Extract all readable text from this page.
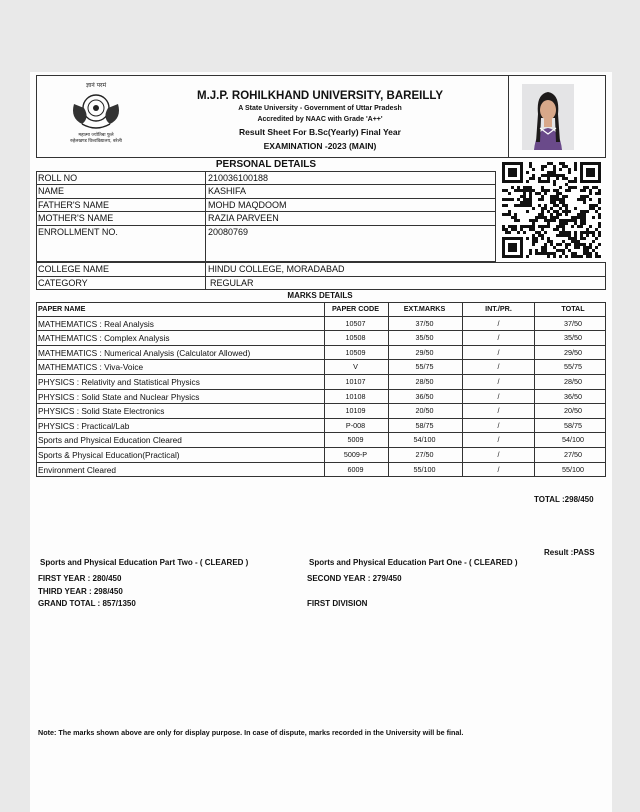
ज्ञानं परमं
महात्मा ज्योतिबा फुले
रुहेलखण्ड विश्वविद्यालय, बरेली
M.J.P. ROHILKHAND UNIVERSITY, BAREILLY
A State University - Government of Uttar Pradesh
Accredited by NAAC with Grade 'A++'
Result Sheet For B.Sc(Yearly) Final Year
EXAMINATION -2023 (MAIN)
PERSONAL DETAILS
ROLL NO	210036100188
NAME	KASHIFA
FATHER'S NAME	MOHD MAQDOOM
MOTHER'S NAME	RAZIA PARVEEN
ENROLLMENT NO.	20080769
COLLEGE NAME	HINDU COLLEGE, MORADABAD
CATEGORY	REGULAR
MARKS DETAILS
PAPER NAME	PAPER CODE	EXT.MARKS	INT./PR.	TOTAL
MATHEMATICS : Real Analysis	10507	37/50	/	37/50
MATHEMATICS : Complex Analysis	10508	35/50	/	35/50
MATHEMATICS : Numerical Analysis (Calculator Allowed)	10509	29/50	/	29/50
MATHEMATICS : Viva-Voice	V	55/75	/	55/75
PHYSICS : Relativity and Statistical Physics	10107	28/50	/	28/50
PHYSICS : Solid State and Nuclear Physics	10108	36/50	/	36/50
PHYSICS : Solid State Electronics	10109	20/50	/	20/50
PHYSICS : Practical/Lab	P-008	58/75	/	58/75
Sports and Physical Education Cleared	5009	54/100	/	54/100
Sports & Physical Education(Practical)	5009-P	27/50	/	27/50
Environment Cleared	6009	55/100	/	55/100
TOTAL :298/450
Result :PASS
Sports and Physical Education Part Two - ( CLEARED )	Sports and Physical Education Part One - ( CLEARED )
FIRST YEAR : 280/450	SECOND YEAR : 279/450
THIRD YEAR : 298/450
GRAND TOTAL : 857/1350	FIRST DIVISION
Note: The marks shown above are only for display purpose. In case of dispute, marks recorded in the University will be final.
